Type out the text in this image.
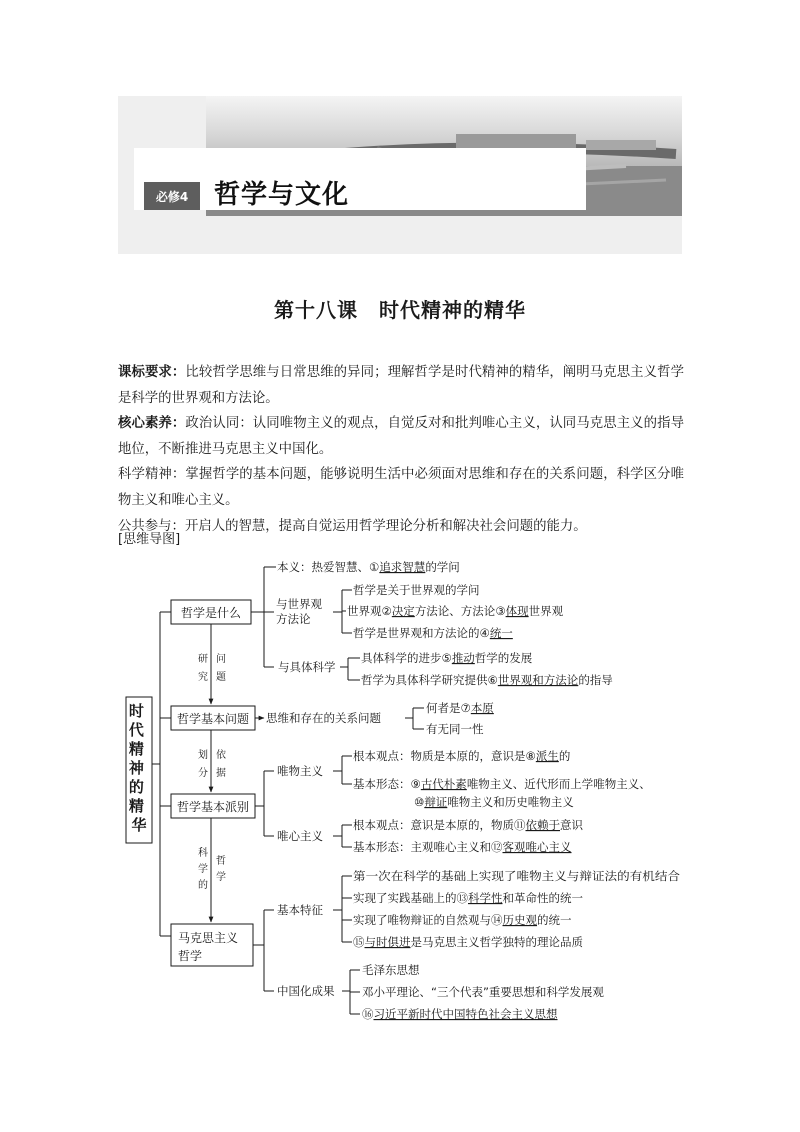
必修4 哲学与文化
第十八课　时代精神的精华

课标要求：比较哲学思维与日常思维的异同；理解哲学是时代精神的精华，阐明马克思主义哲学是科学的世界观和方法论。

核心素养：政治认同：认同唯物主义的观点，自觉反对和批判唯心主义，认同马克思主义的指导地位，不断推进马克思主义中国化。

科学精神：掌握哲学的基本问题，能够说明生活中必须面对思维和存在的关系问题，科学区分唯物主义和唯心主义。

公共参与：开启人的智慧，提高自觉运用哲学理论分析和解决社会问题的能力。

[思维导图]
时 代 精 神 的 精 华
哲学是什么
哲学基本问题
哲学基本派别
马克思主义
哲学
研
究
问
题
划
分
依
据
科
学
的
哲
学
本义：热爱智慧、①追求智慧的学问
与世界观
方法论
与具体科学
思维和存在的关系问题
唯物主义
唯心主义
基本特征
中国化成果
哲学是关于世界观的学问
世界观②决定方法论、方法论③体现世界观
哲学是世界观和方法论的④统一
具体科学的进步⑤推动哲学的发展
哲学为具体科学研究提供⑥世界观和方法论的指导
何者是⑦本原
有无同一性
根本观点：物质是本原的，意识是⑧派生的
基本形态：⑨古代朴素唯物主义、近代形而上学唯物主义、
⑩辩证唯物主义和历史唯物主义
根本观点：意识是本原的，物质⑪依赖于意识
基本形态：主观唯心主义和⑫客观唯心主义
第一次在科学的基础上实现了唯物主义与辩证法的有机结合
实现了实践基础上的⑬科学性和革命性的统一
实现了唯物辩证的自然观与⑭历史观的统一
⑮与时俱进是马克思主义哲学独特的理论品质
毛泽东思想
邓小平理论、“三个代表”重要思想和科学发展观
⑯习近平新时代中国特色社会主义思想
